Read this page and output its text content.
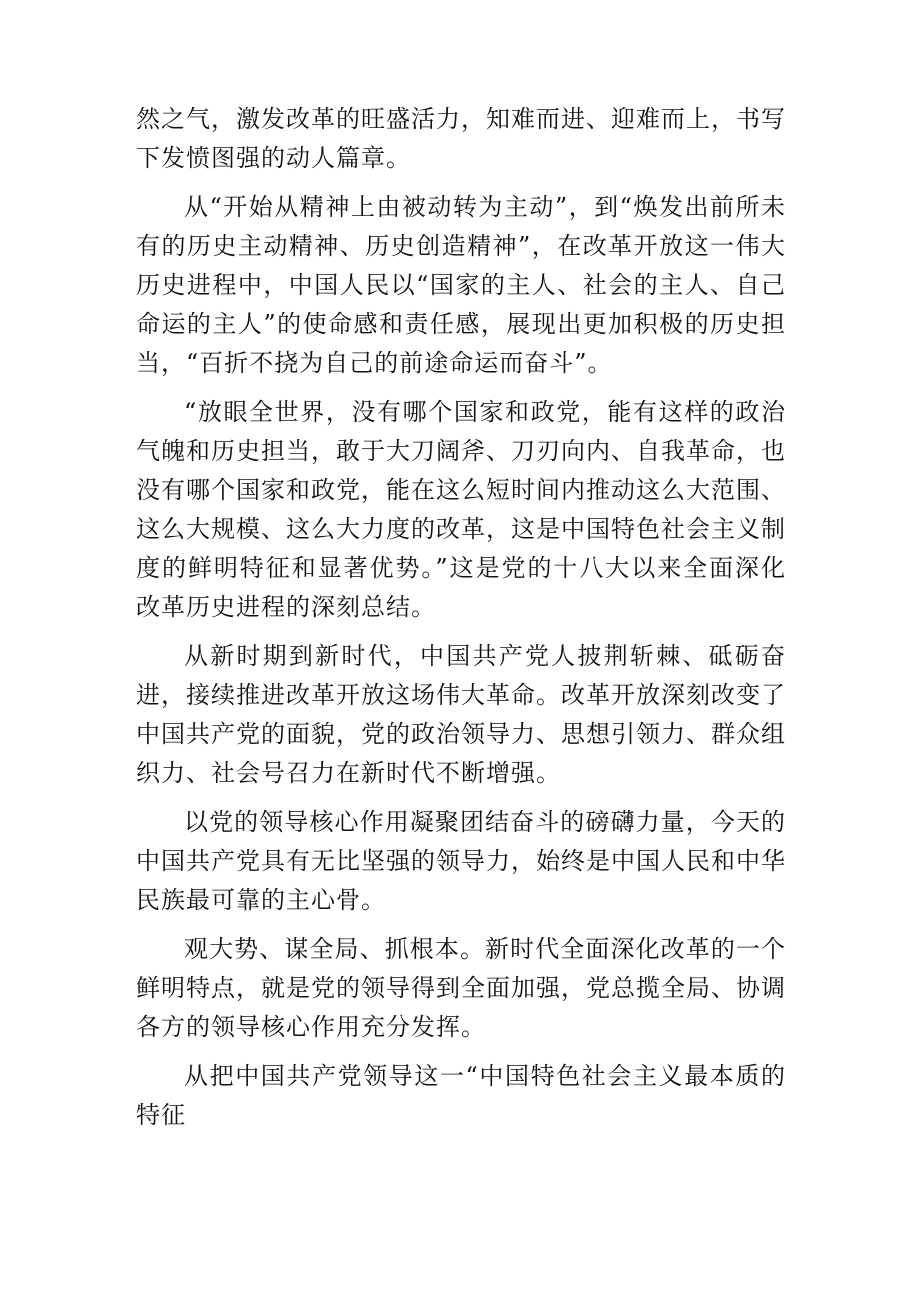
然之气，激发改革的旺盛活力，知难而进、迎难而上，书写下发愤图强的动人篇章。

从“开始从精神上由被动转为主动”，到“焕发出前所未有的历史主动精神、历史创造精神”，在改革开放这一伟大历史进程中，中国人民以“国家的主人、社会的主人、自己命运的主人”的使命感和责任感，展现出更加积极的历史担当，“百折不挠为自己的前途命运而奋斗”。

“放眼全世界，没有哪个国家和政党，能有这样的政治气魄和历史担当，敢于大刀阔斧、刀刃向内、自我革命，也没有哪个国家和政党，能在这么短时间内推动这么大范围、这么大规模、这么大力度的改革，这是中国特色社会主义制度的鲜明特征和显著优势。”这是党的十八大以来全面深化改革历史进程的深刻总结。

从新时期到新时代，中国共产党人披荆斩棘、砥砺奋进，接续推进改革开放这场伟大革命。改革开放深刻改变了中国共产党的面貌，党的政治领导力、思想引领力、群众组织力、社会号召力在新时代不断增强。

以党的领导核心作用凝聚团结奋斗的磅礴力量，今天的中国共产党具有无比坚强的领导力，始终是中国人民和中华民族最可靠的主心骨。

观大势、谋全局、抓根本。新时代全面深化改革的一个鲜明特点，就是党的领导得到全面加强，党总揽全局、协调各方的领导核心作用充分发挥。

从把中国共产党领导这一“中国特色社会主义最本质的特征
